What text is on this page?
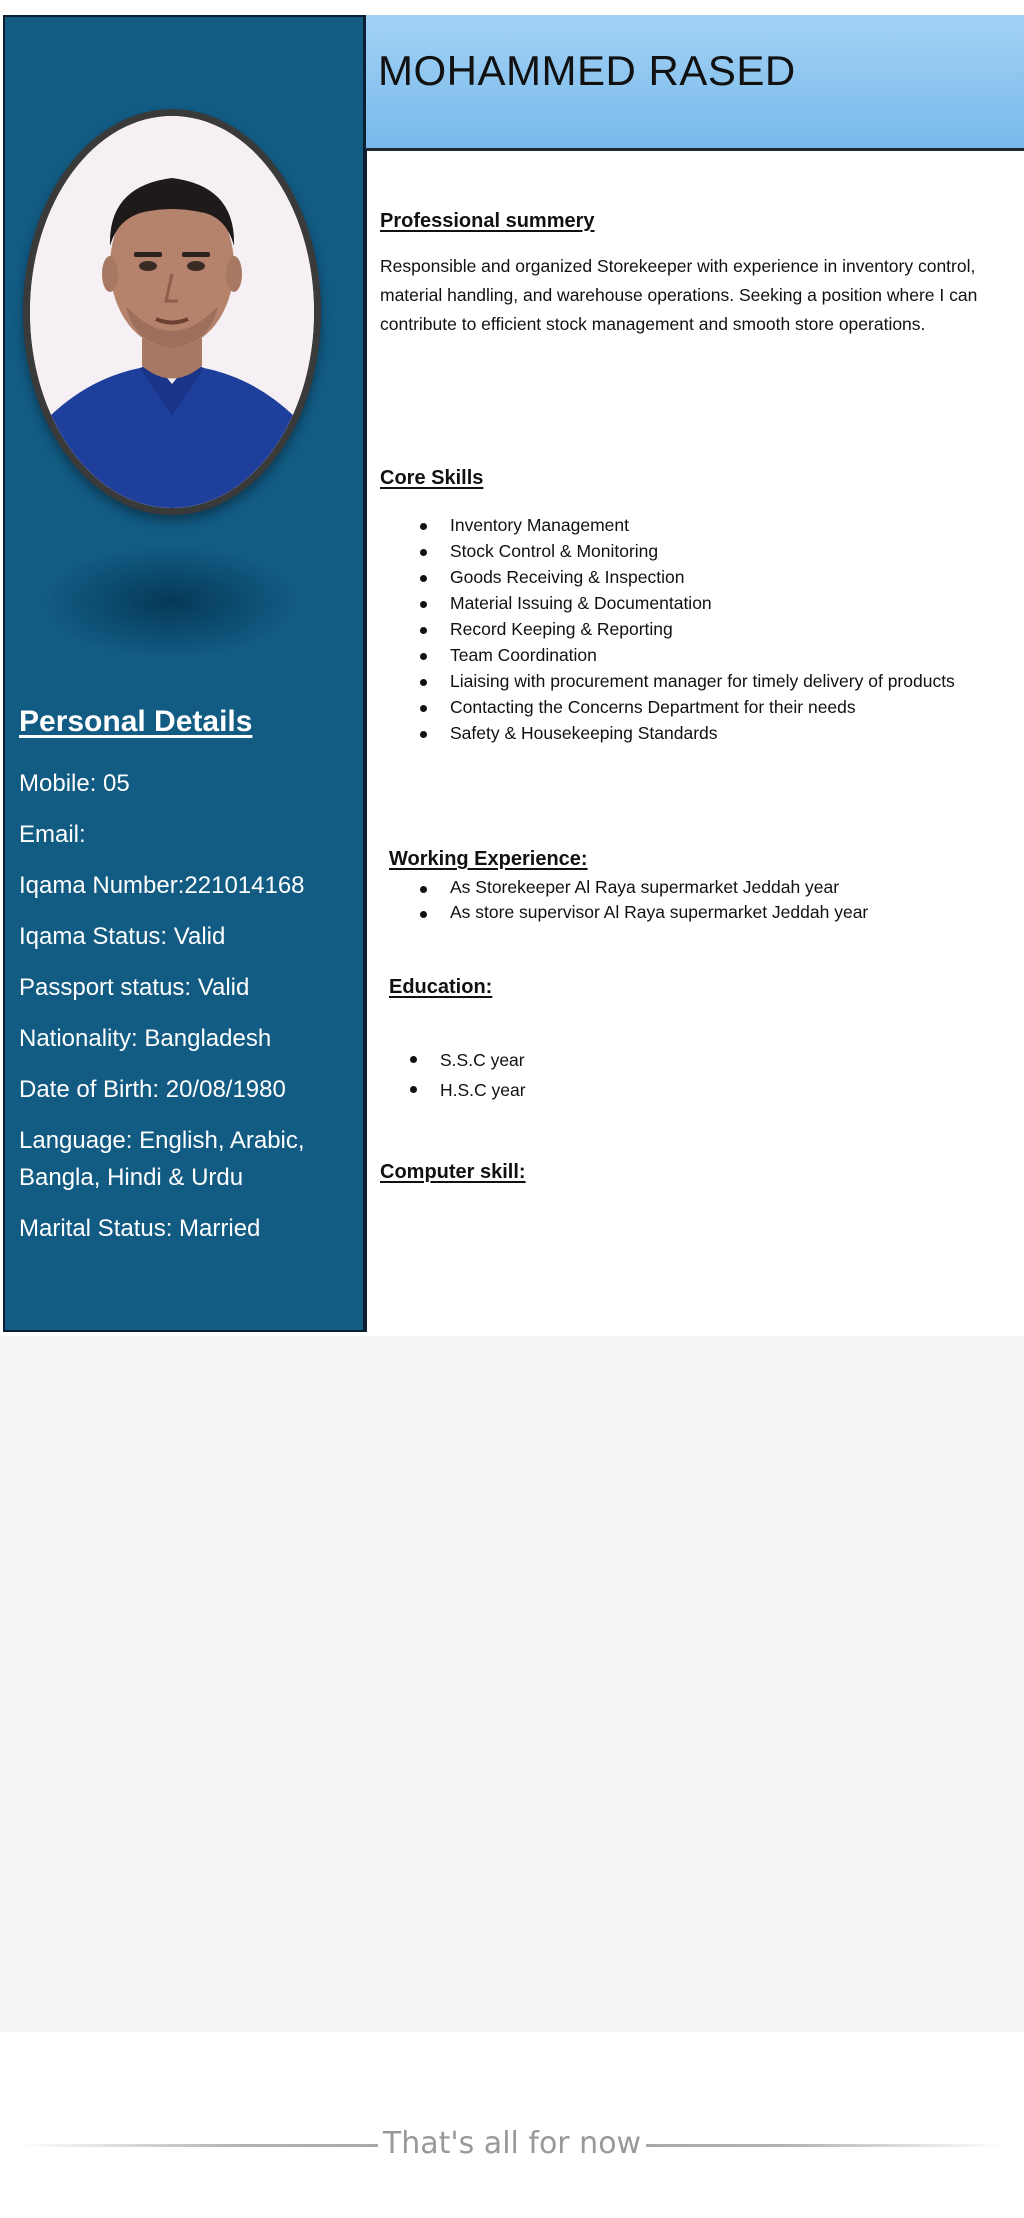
Personal Details

Mobile: 05

Email:

Iqama Number:221014168

Iqama Status: Valid

Passport status: Valid

Nationality: Bangladesh

Date of Birth: 20/08/1980

Language: English, Arabic, Bangla, Hindi & Urdu

Marital Status: Married

MOHAMMED RASED
Professional summery

Responsible and organized Storekeeper with experience in inventory control, material handling, and warehouse operations. Seeking a position where I can contribute to efficient stock management and smooth store operations.

Core Skills
Inventory Management
Stock Control & Monitoring
Goods Receiving & Inspection
Material Issuing & Documentation
Record Keeping & Reporting
Team Coordination
Liaising with procurement manager for timely delivery of products
Contacting the Concerns Department for their needs
Safety & Housekeeping Standards
Working Experience:
As Storekeeper Al Raya supermarket Jeddah year
As store supervisor Al Raya supermarket Jeddah year
Education:
S.S.C year
H.S.C year
Computer skill:

That's all for now
